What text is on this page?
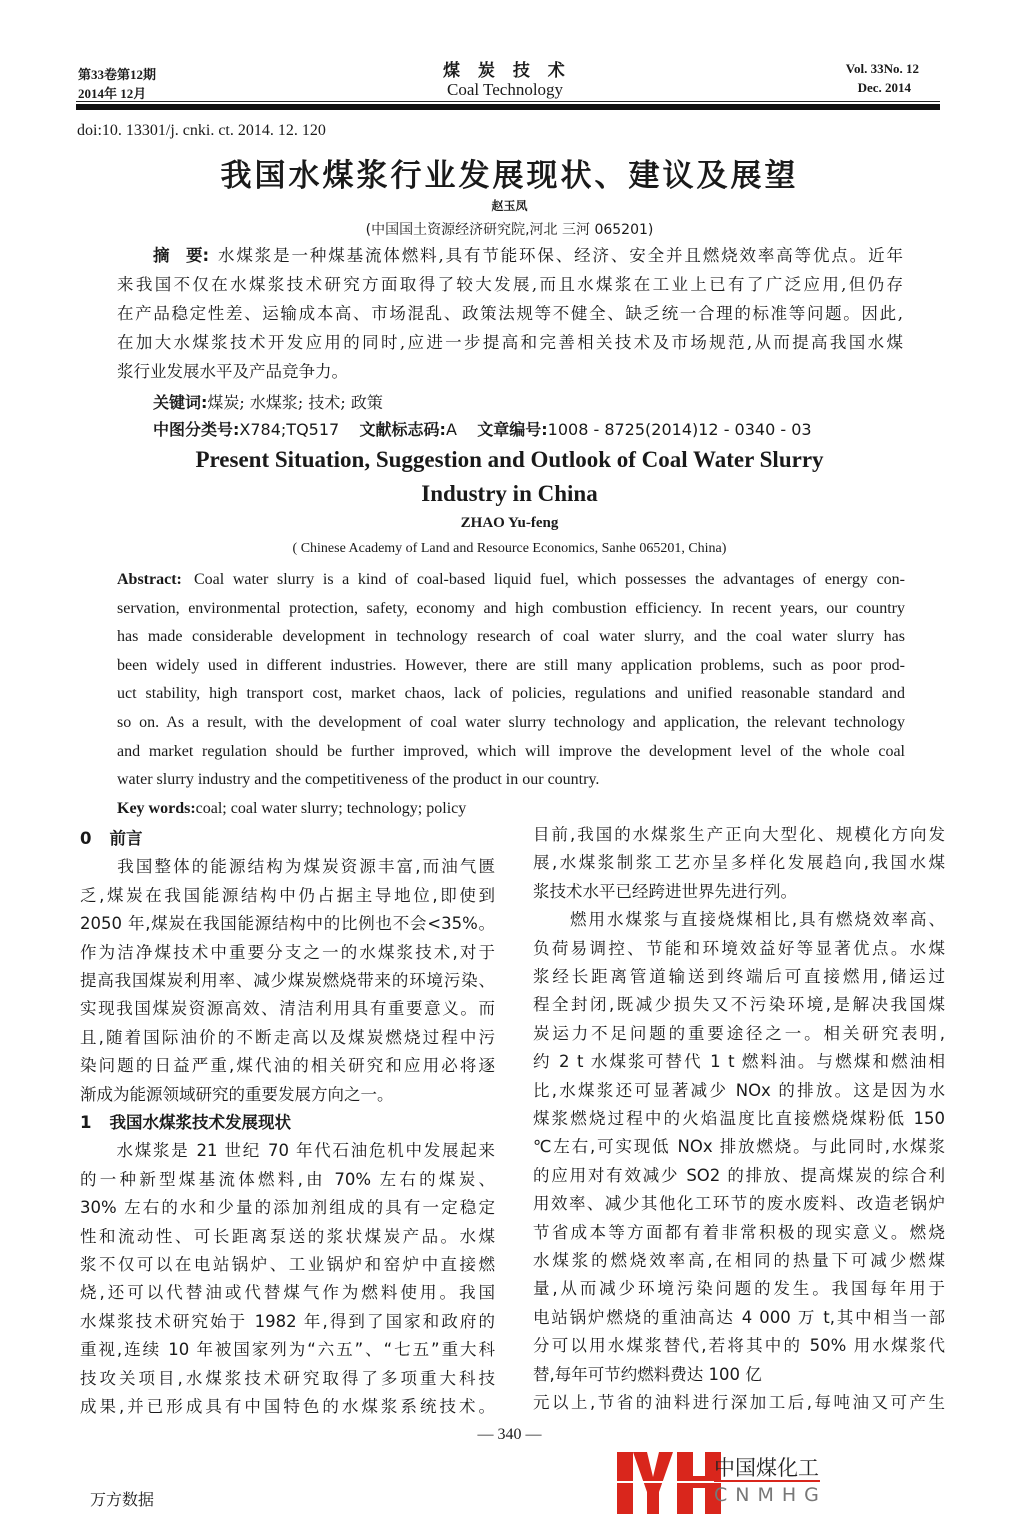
第33卷第12期
2014年 12月
煤 炭 技 术
Coal Technology
Vol. 33No. 12
Dec. 2014
doi:10. 13301/j. cnki. ct. 2014. 12. 120
我国水煤浆行业发展现状、建议及展望
赵玉凤
(中国国土资源经济研究院,河北 三河 065201)
水煤浆是一种煤基流体燃料,具有节能环保、经济、安全并且燃烧效率高等优点。近年
来我国不仅在水煤浆技术研究方面取得了较大发展,而且水煤浆在工业上已有了广泛应用,但仍存
在产品稳定性差、运输成本高、市场混乱、政策法规等不健全、缺乏统一合理的标准等问题。因此,
在加大水煤浆技术开发应用的同时,应进一步提高和完善相关技术及市场规范,从而提高我国水煤
浆行业发展水平及产品竞争力。
摘　要:
关键词:煤炭; 水煤浆; 技术; 政策
中图分类号:X784;TQ517 文献标志码:A 文章编号:1008 - 8725(2014)12 - 0340 - 03
Present Situation, Suggestion and Outlook of Coal Water Slurry
Industry in China
ZHAO Yu-feng
( Chinese Academy of Land and Resource Economics, Sanhe 065201, China)
Coal water slurry is a kind of coal-based liquid fuel, which possesses the advantages of energy con-
servation, environmental protection, safety, economy and high combustion efficiency. In recent years, our country
has made considerable development in technology research of coal water slurry, and the coal water slurry has
been widely used in different industries. However, there are still many application problems, such as poor prod-
uct stability, high transport cost, market chaos, lack of policies, regulations and unified reasonable standard and
so on. As a result, with the development of coal water slurry technology and application, the relevant technology
and market regulation should be further improved, which will improve the development level of the whole coal
water slurry industry and the competitiveness of the product in our country.
Abstract:
Key words:coal; coal water slurry; technology; policy
0 前言
　　我国整体的能源结构为煤炭资源丰富,而油气匮
乏,煤炭在我国能源结构中仍占据主导地位,即使到
2050 年,煤炭在我国能源结构中的比例也不会<35%。
作为洁净煤技术中重要分支之一的水煤浆技术,对于
提高我国煤炭利用率、减少煤炭燃烧带来的环境污染、
实现我国煤炭资源高效、清洁利用具有重要意义。而
且,随着国际油价的不断走高以及煤炭燃烧过程中污
染问题的日益严重,煤代油的相关研究和应用必将逐
渐成为能源领域研究的重要发展方向之一。
1 我国水煤浆技术发展现状
　　水煤浆是 21 世纪 70 年代石油危机中发展起来
的一种新型煤基流体燃料,由 70% 左右的煤炭、
30% 左右的水和少量的添加剂组成的具有一定稳定
性和流动性、可长距离泵送的浆状煤炭产品。水煤
浆不仅可以在电站锅炉、工业锅炉和窑炉中直接燃
烧,还可以代替油或代替煤气作为燃料使用。我国
水煤浆技术研究始于 1982 年,得到了国家和政府的
重视,连续 10 年被国家列为“六五”、“七五”重大科
技攻关项目,水煤浆技术研究取得了多项重大科技
成果,并已形成具有中国特色的水煤浆系统技术。
目前,我国的水煤浆生产正向大型化、规模化方向发
展,水煤浆制浆工艺亦呈多样化发展趋向,我国水煤
浆技术水平已经跨进世界先进行列。
　　燃用水煤浆与直接烧煤相比,具有燃烧效率高、
负荷易调控、节能和环境效益好等显著优点。水煤
浆经长距离管道输送到终端后可直接燃用,储运过
程全封闭,既减少损失又不污染环境,是解决我国煤
炭运力不足问题的重要途径之一。相关研究表明,
约 2 t 水煤浆可替代 1 t 燃料油。与燃煤和燃油相
比,水煤浆还可显著减少 NOx 的排放。这是因为水
煤浆燃烧过程中的火焰温度比直接燃烧煤粉低 150
℃左右,可实现低 NOx 排放燃烧。与此同时,水煤浆
的应用对有效减少 SO2 的排放、提高煤炭的综合利
用效率、减少其他化工环节的废水废料、改造老锅炉
节省成本等方面都有着非常积极的现实意义。燃烧
水煤浆的燃烧效率高,在相同的热量下可减少燃煤
量,从而减少环境污染问题的发生。我国每年用于
电站锅炉燃烧的重油高达 4 000 万 t,其中相当一部
分可以用水煤浆替代,若将其中的 50% 用水煤浆代
替,每年可节约燃料费达 100 亿
元以上,节省的油料进行深加工后,每吨油又可产生
中国煤化工
CNMHG
— 340 —
万方数据
